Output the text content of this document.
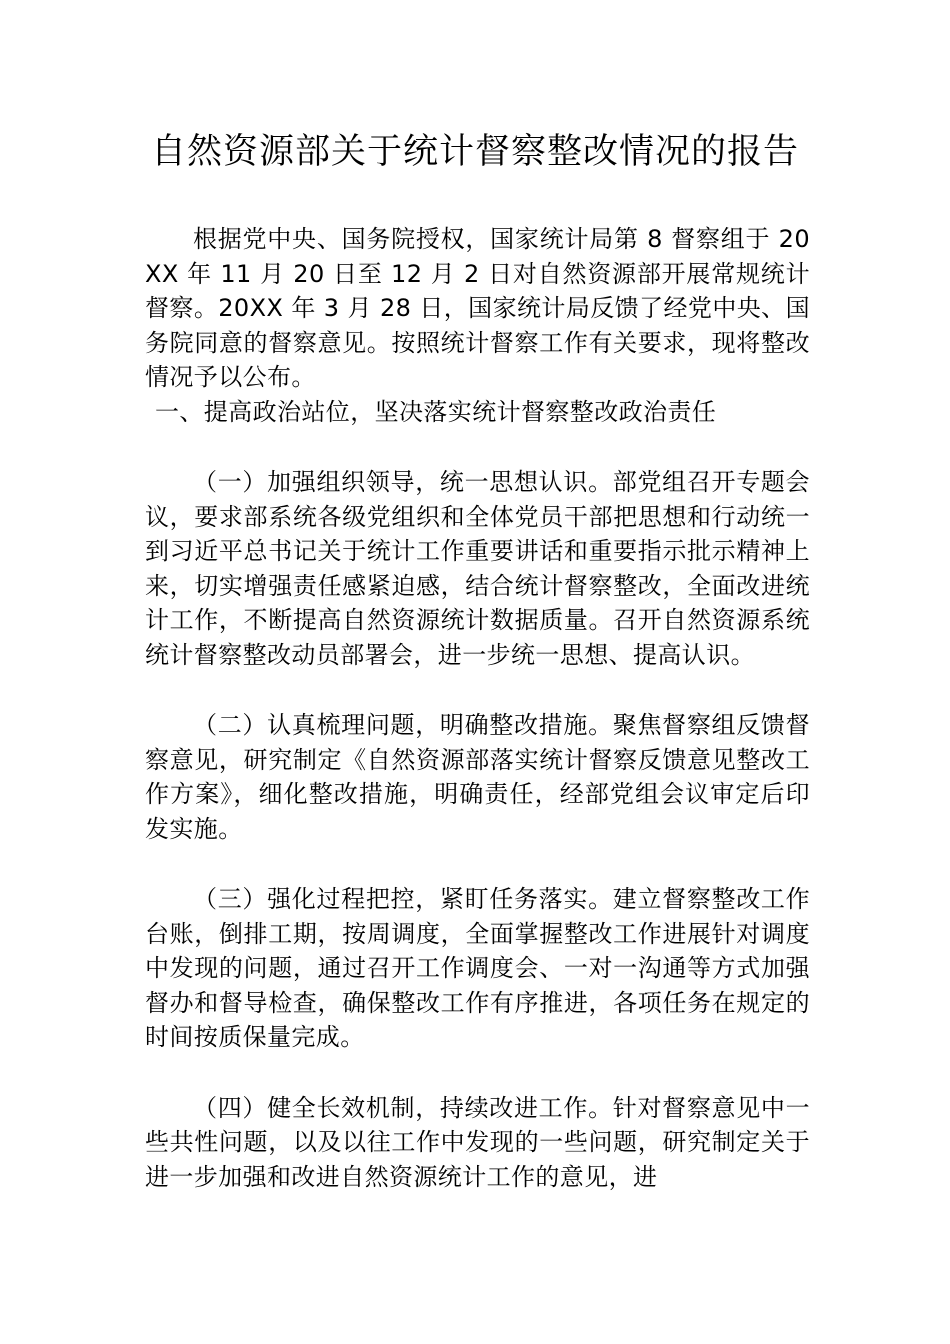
自然资源部关于统计督察整改情况的报告

根据党中央、国务院授权，国家统计局第 8 督察组于 20XX 年 11 月 20 日至 12 月 2 日对自然资源部开展常规统计督察。20XX 年 3 月 28 日，国家统计局反馈了经党中央、国务院同意的督察意见。按照统计督察工作有关要求，现将整改情况予以公布。

一、提高政治站位，坚决落实统计督察整改政治责任

（一）加强组织领导，统一思想认识。部党组召开专题会议，要求部系统各级党组织和全体党员干部把思想和行动统一到习近平总书记关于统计工作重要讲话和重要指示批示精神上来，切实增强责任感紧迫感，结合统计督察整改，全面改进统计工作，不断提高自然资源统计数据质量。召开自然资源系统统计督察整改动员部署会，进一步统一思想、提高认识。

（二）认真梳理问题，明确整改措施。聚焦督察组反馈督察意见，研究制定《自然资源部落实统计督察反馈意见整改工作方案》，细化整改措施，明确责任，经部党组会议审定后印发实施。

（三）强化过程把控，紧盯任务落实。建立督察整改工作台账，倒排工期，按周调度，全面掌握整改工作进展针对调度中发现的问题，通过召开工作调度会、一对一沟通等方式加强督办和督导检查，确保整改工作有序推进，各项任务在规定的时间按质保量完成。

（四）健全长效机制，持续改进工作。针对督察意见中一些共性问题，以及以往工作中发现的一些问题，研究制定关于进一步加强和改进自然资源统计工作的意见，进
